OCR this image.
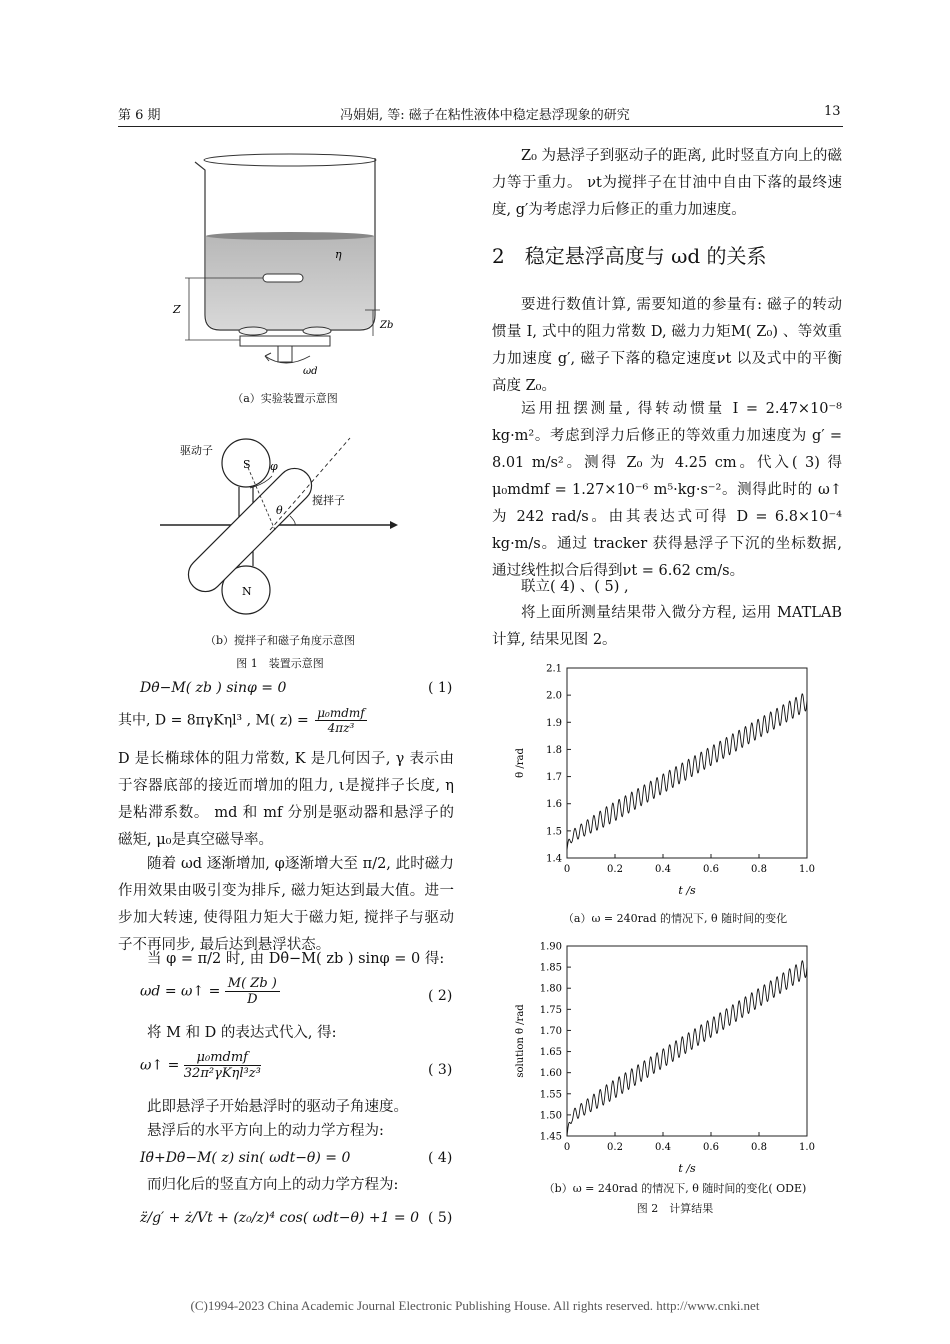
第 6 期	冯娟娟, 等: 磁子在粘性液体中稳定悬浮现象的研究	13
η
Z
Zb
ωd
（a）实验装置示意图
驱动子
S
N
φ
θ
搅拌子
（b）搅拌子和磁子角度示意图
图 1　装置示意图
Dθ̇−M( zb ) sinφ = 0	( 1)
其中, D = 8πγKηl³ , M( z) = μ₀mdmf
4πz³
D 是长椭球体的阻力常数, K 是几何因子, γ 表示由于容器底部的接近而增加的阻力, ι是搅拌子长度, η 是粘滞系数。 md 和 mf 分别是驱动器和悬浮子的磁矩, μ₀是真空磁导率。
随着 ωd 逐渐增加, φ逐渐增大至 π/2, 此时磁力作用效果由吸引变为排斥, 磁力矩达到最大值。进一步加大转速, 使得阻力矩大于磁力矩, 搅拌子与驱动子不再同步, 最后达到悬浮状态。
当 φ = π/2 时, 由 Dθ̇−M( zb ) sinφ = 0 得:
ωd = ω↑ = $\frac{M( Zb )}{D}$	( 2)
将 M 和 D 的表达式代入, 得:
ω↑ =	μ₀mdmf
32π²γKηl³z³	( 3)
此即悬浮子开始悬浮时的驱动子角速度。
悬浮后的水平方向上的动力学方程为:
Iθ̈+Dθ̇−M( z) sin( ωdt−θ) = 0	( 4)
而归化后的竖直方向上的动力学方程为:
z̈/g′ + ż/Vt + (z₀/z)⁴ cos( ωdt−θ) +1 = 0 ( 5)
Z₀ 为悬浮子到驱动子的距离, 此时竖直方向上的磁力等于重力。 νt为搅拌子在甘油中自由下落的最终速度, g′为考虑浮力后修正的重力加速度。
2　稳定悬浮高度与 ωd 的关系
要进行数值计算, 需要知道的参量有: 磁子的转动惯量 I, 式中的阻力常数 D, 磁力力矩M( Z₀) 、等效重力加速度 g′, 磁子下落的稳定速度νt 以及式中的平衡高度 Z₀。
运用扭摆测量, 得转动惯量 I = 2.47×10⁻⁸ kg·m²。考虑到浮力后修正的等效重力加速度为 g′ = 8.01 m/s²。测得 Z₀ 为 4.25 cm。代入( 3) 得 μ₀mdmf = 1.27×10⁻⁶ m⁵·kg·s⁻²。测得此时的 ω↑ 为 242 rad/s。由其表达式可得 D = 6.8×10⁻⁴ kg·m/s。通过 tracker 获得悬浮子下沉的坐标数据, 通过线性拟合后得到νt = 6.62 cm/s。
联立( 4) 、( 5) ,
将上面所测量结果带入微分方程, 运用 MATLAB 计算, 结果见图 2。
0	0.2	0.4	0.6	0.8	1.0
1.4
1.5
1.6
1.7
1.8
1.9
2.0
2.1
t /s
θ /rad
（a）ω = 240rad 的情况下, θ 随时间的变化
0	0.2	0.4	0.6	0.8	1.0
1.45
1.50
1.55
1.60
1.65
1.70
1.75
1.80
1.85
1.90
t /s
solution θ /rad
（b）ω = 240rad 的情况下, θ 随时间的变化( ODE)
图 2　计算结果
(C)1994-2023 China Academic Journal Electronic Publishing House. All rights reserved. http://www.cnki.net
